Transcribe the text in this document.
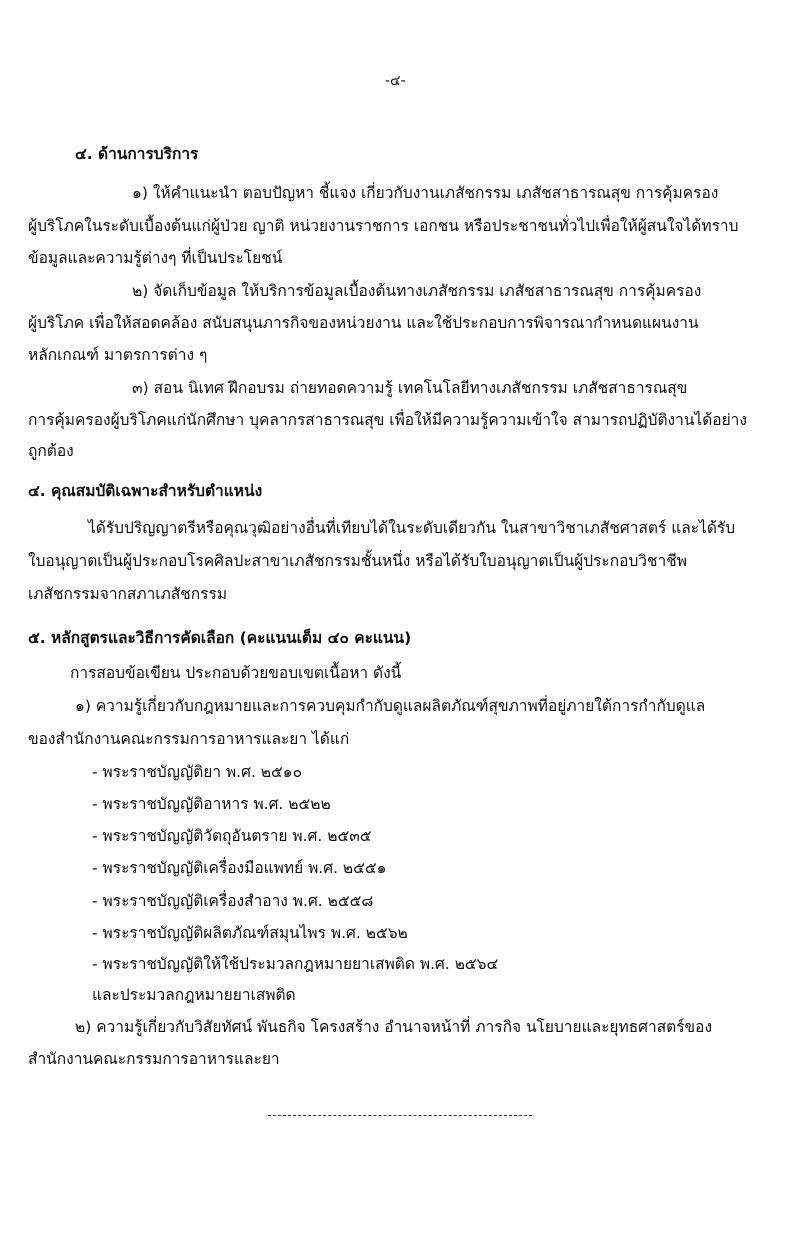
-๔-
๔. ด้านการบริการ
๑) ให้คำแนะนำ ตอบปัญหา ชี้แจง เกี่ยวกับงานเภสัชกรรม เภสัชสาธารณสุข การคุ้มครอง
ผู้บริโภคในระดับเบื้องต้นแก่ผู้ป่วย ญาติ หน่วยงานราชการ เอกชน หรือประชาชนทั่วไปเพื่อให้ผู้สนใจได้ทราบ
ข้อมูลและความรู้ต่างๆ ที่เป็นประโยชน์
๒) จัดเก็บข้อมูล ให้บริการข้อมูลเบื้องต้นทางเภสัชกรรม เภสัชสาธารณสุข การคุ้มครอง
ผู้บริโภค เพื่อให้สอดคล้อง สนับสนุนภารกิจของหน่วยงาน และใช้ประกอบการพิจารณากำหนดแผนงาน
หลักเกณฑ์ มาตรการต่าง ๆ
๓) สอน นิเทศ ฝึกอบรม ถ่ายทอดความรู้ เทคโนโลยีทางเภสัชกรรม เภสัชสาธารณสุข
การคุ้มครองผู้บริโภคแก่นักศึกษา บุคลากรสาธารณสุข เพื่อให้มีความรู้ความเข้าใจ สามารถปฏิบัติงานได้อย่าง
ถูกต้อง
๔. คุณสมบัติเฉพาะสำหรับตำแหน่ง
ได้รับปริญญาตรีหรือคุณวุฒิอย่างอื่นที่เทียบได้ในระดับเดียวกัน ในสาขาวิชาเภสัชศาสตร์ และได้รับ
ใบอนุญาตเป็นผู้ประกอบโรคศิลปะสาขาเภสัชกรรมชั้นหนึ่ง หรือได้รับใบอนุญาตเป็นผู้ประกอบวิชาชีพ
เภสัชกรรมจากสภาเภสัชกรรม
๕. หลักสูตรและวิธีการคัดเลือก (คะแนนเต็ม ๔๐ คะแนน)
การสอบข้อเขียน ประกอบด้วยขอบเขตเนื้อหา ดังนี้
๑) ความรู้เกี่ยวกับกฎหมายและการควบคุมกำกับดูแลผลิตภัณฑ์สุขภาพที่อยู่ภายใต้การกำกับดูแล
ของสำนักงานคณะกรรมการอาหารและยา ได้แก่
- พระราชบัญญัติยา พ.ศ. ๒๕๑๐
- พระราชบัญญัติอาหาร พ.ศ. ๒๕๒๒
- พระราชบัญญัติวัตถุอันตราย พ.ศ. ๒๕๓๕
- พระราชบัญญัติเครื่องมือแพทย์ พ.ศ. ๒๕๕๑
- พระราชบัญญัติเครื่องสำอาง พ.ศ. ๒๕๕๘
- พระราชบัญญัติผลิตภัณฑ์สมุนไพร พ.ศ. ๒๕๖๒
- พระราชบัญญัติให้ใช้ประมวลกฎหมายยาเสพติด พ.ศ. ๒๕๖๔
และประมวลกฎหมายยาเสพติด
๒) ความรู้เกี่ยวกับวิสัยทัศน์ พันธกิจ โครงสร้าง อำนาจหน้าที่ ภารกิจ นโยบายและยุทธศาสตร์ของ
สำนักงานคณะกรรมการอาหารและยา
